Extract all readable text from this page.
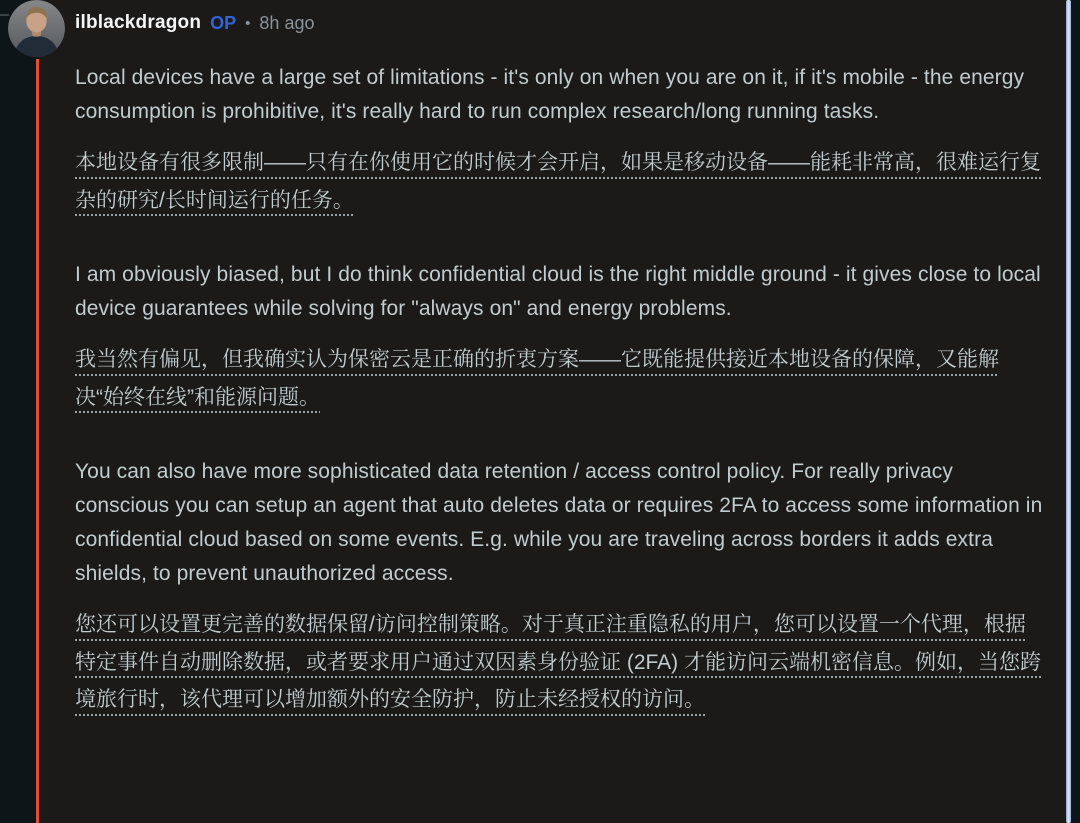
ilblackdragon OP • 8h ago

Local devices have a large set of limitations - it's only on when you are on it, if it's mobile - the energy consumption is prohibitive, it's really hard to run complex research/long running tasks.

本地设备有很多限制——只有在你使用它的时候才会开启，如果是移动设备——能耗非常高，很难运行复杂的研究/长时间运行的任务。

I am obviously biased, but I do think confidential cloud is the right middle ground - it gives close to local device guarantees while solving for "always on" and energy problems.

我当然有偏见，但我确实认为保密云是正确的折衷方案——它既能提供接近本地设备的保障，又能解决“始终在线”和能源问题。

You can also have more sophisticated data retention / access control policy. For really privacy conscious you can setup an agent that auto deletes data or requires 2FA to access some information in confidential cloud based on some events. E.g. while you are traveling across borders it adds extra shields, to prevent unauthorized access.

您还可以设置更完善的数据保留/访问控制策略。对于真正注重隐私的用户，您可以设置一个代理，根据特定事件自动删除数据，或者要求用户通过双因素身份验证 (2FA) 才能访问云端机密信息。例如，当您跨境旅行时，该代理可以增加额外的安全防护，防止未经授权的访问。
